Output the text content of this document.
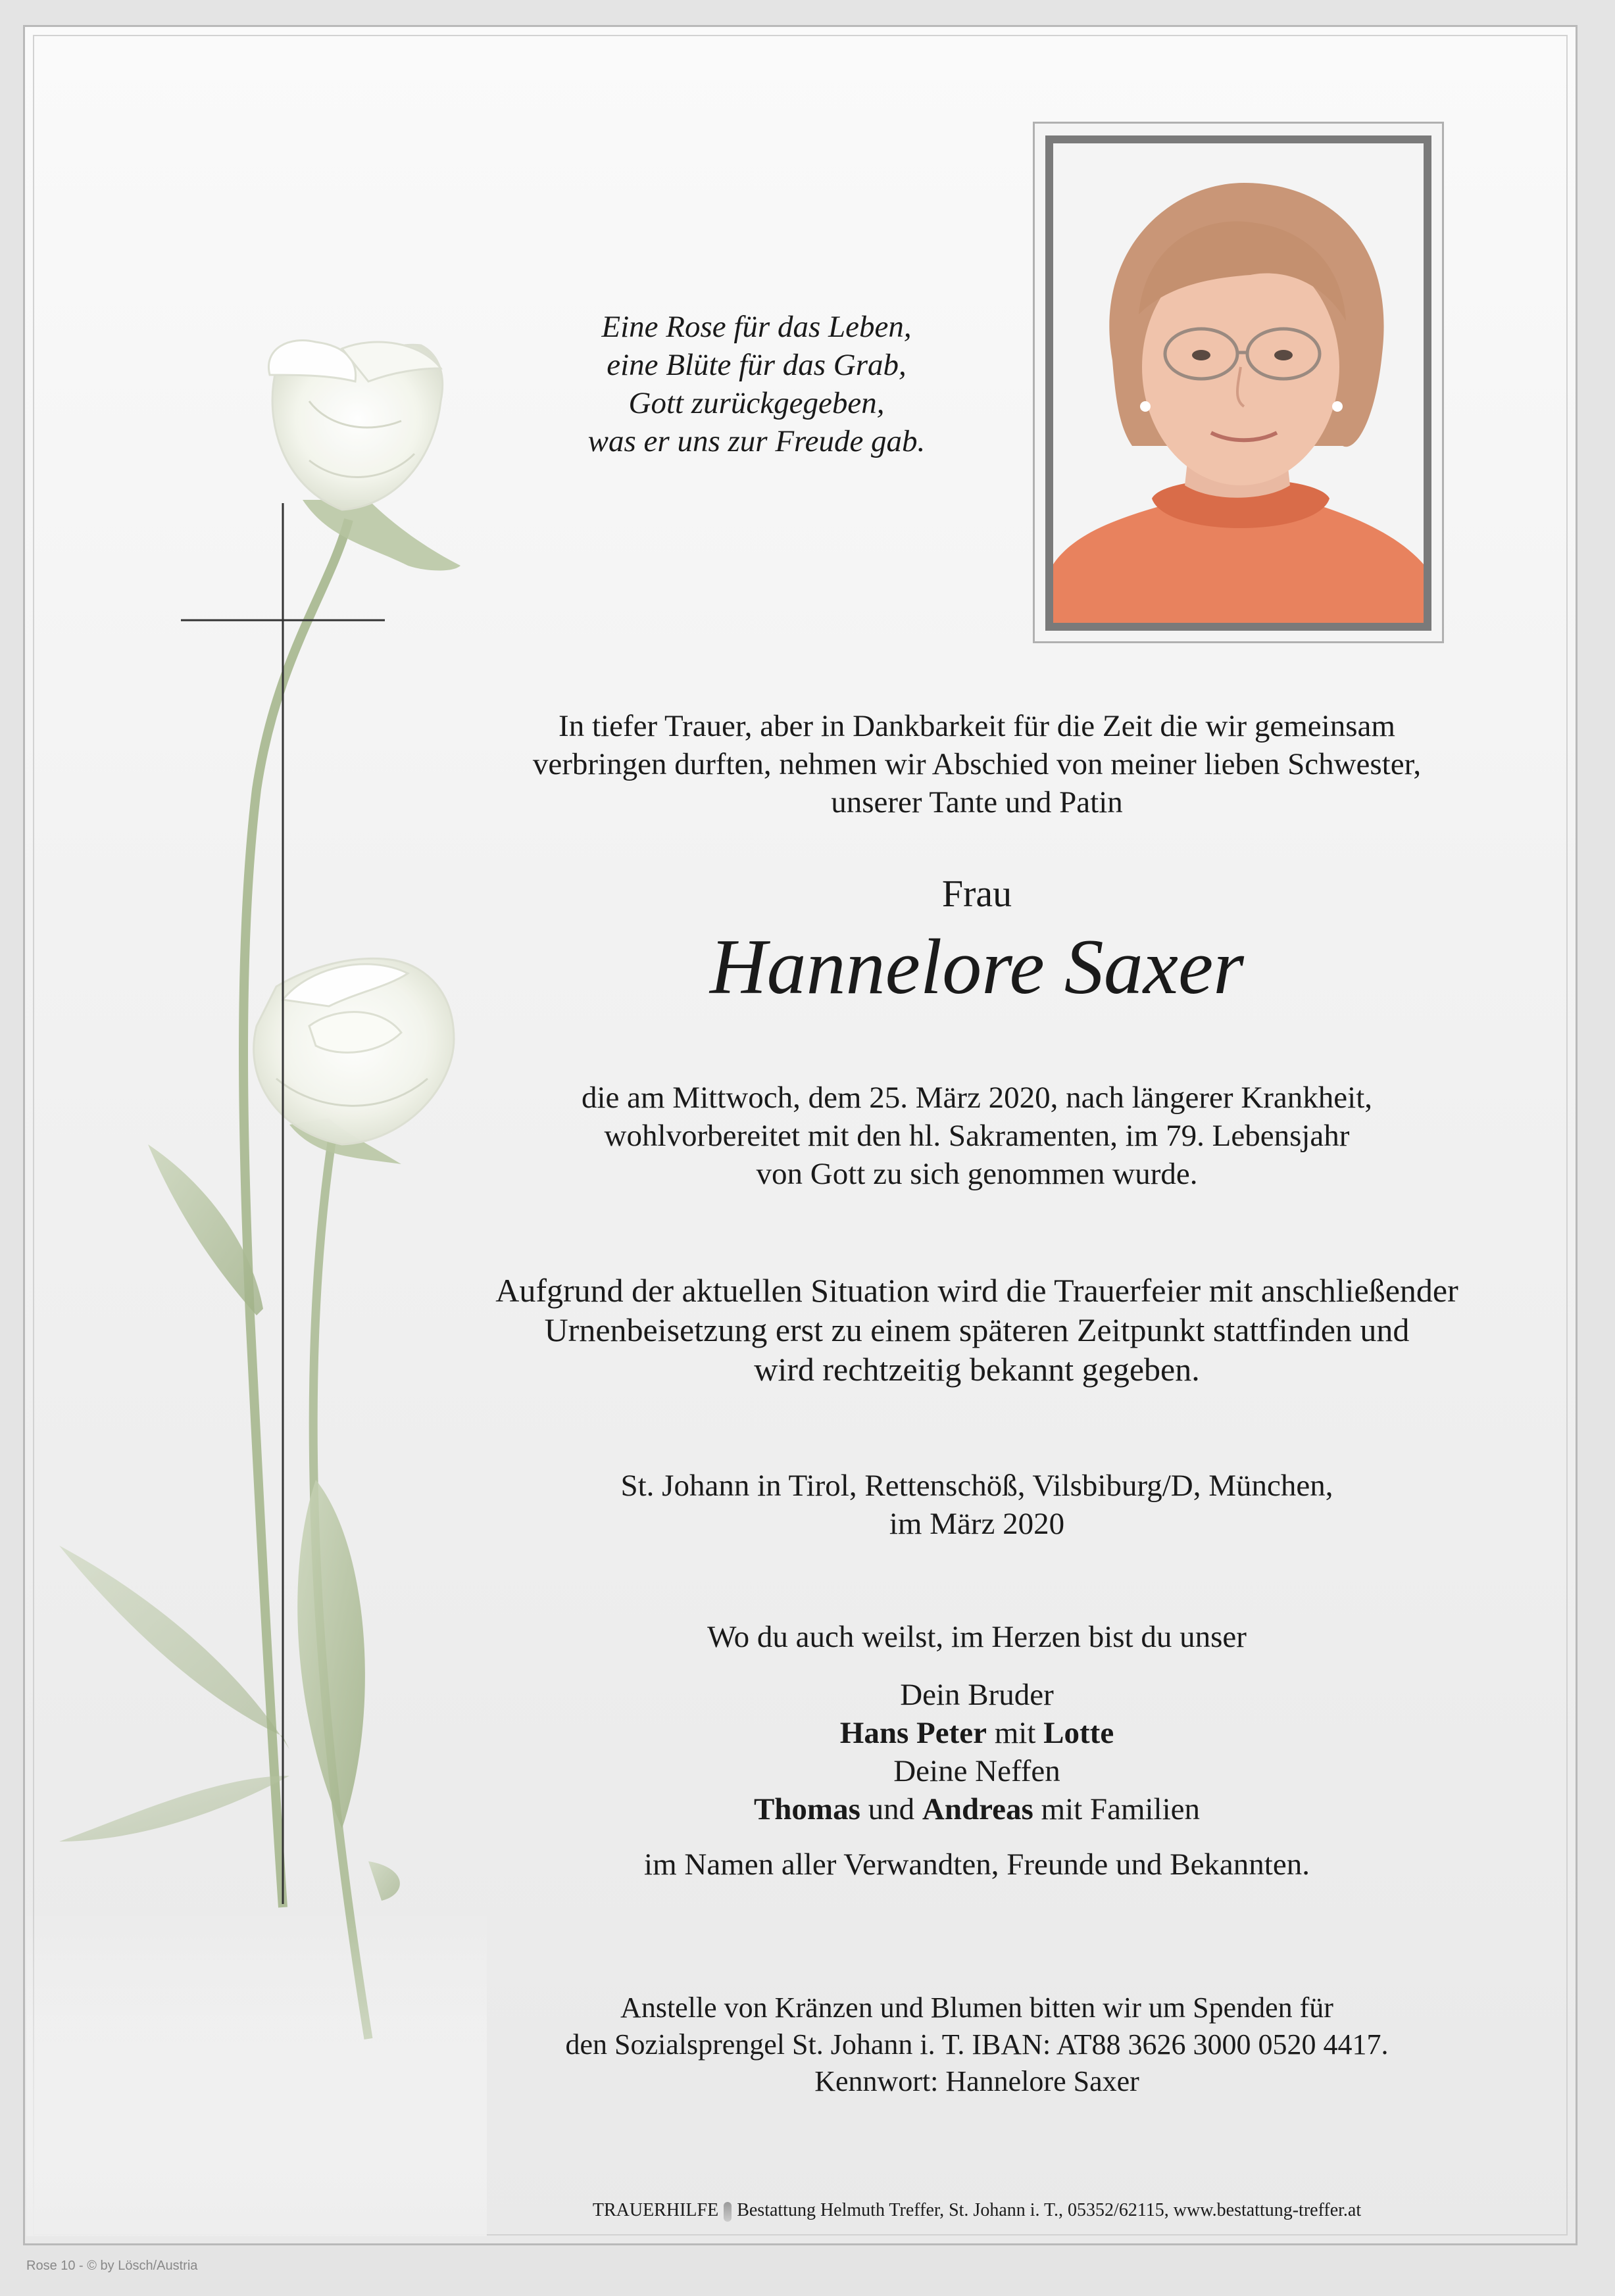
Eine Rose für das Leben,
eine Blüte für das Grab,
Gott zurückgegeben,
was er uns zur Freude gab.
In tiefer Trauer, aber in Dankbarkeit für die Zeit die wir gemeinsam
verbringen durften, nehmen wir Abschied von meiner lieben Schwester,
unserer Tante und Patin
Frau
Hannelore Saxer
die am Mittwoch, dem 25. März 2020, nach längerer Krankheit,
wohlvorbereitet mit den hl. Sakramenten, im 79. Lebensjahr
von Gott zu sich genommen wurde.
Aufgrund der aktuellen Situation wird die Trauerfeier mit anschließender
Urnenbeisetzung erst zu einem späteren Zeitpunkt stattfinden und
wird rechtzeitig bekannt gegeben.
St. Johann in Tirol, Rettenschöß, Vilsbiburg/D, München,
im März 2020
Wo du auch weilst, im Herzen bist du unser
Dein Bruder
Hans Peter mit Lotte
Deine Neffen
Thomas und Andreas mit Familien
im Namen aller Verwandten, Freunde und Bekannten.
Anstelle von Kränzen und Blumen bitten wir um Spenden für
den Sozialsprengel St. Johann i. T. IBAN: AT88 3626 3000 0520 4417.
Kennwort: Hannelore Saxer
TRAUERHILFE Bestattung Helmuth Treffer, St. Johann i. T., 05352/62115, www.bestattung-treffer.at
Rose 10 - © by Lösch/Austria
